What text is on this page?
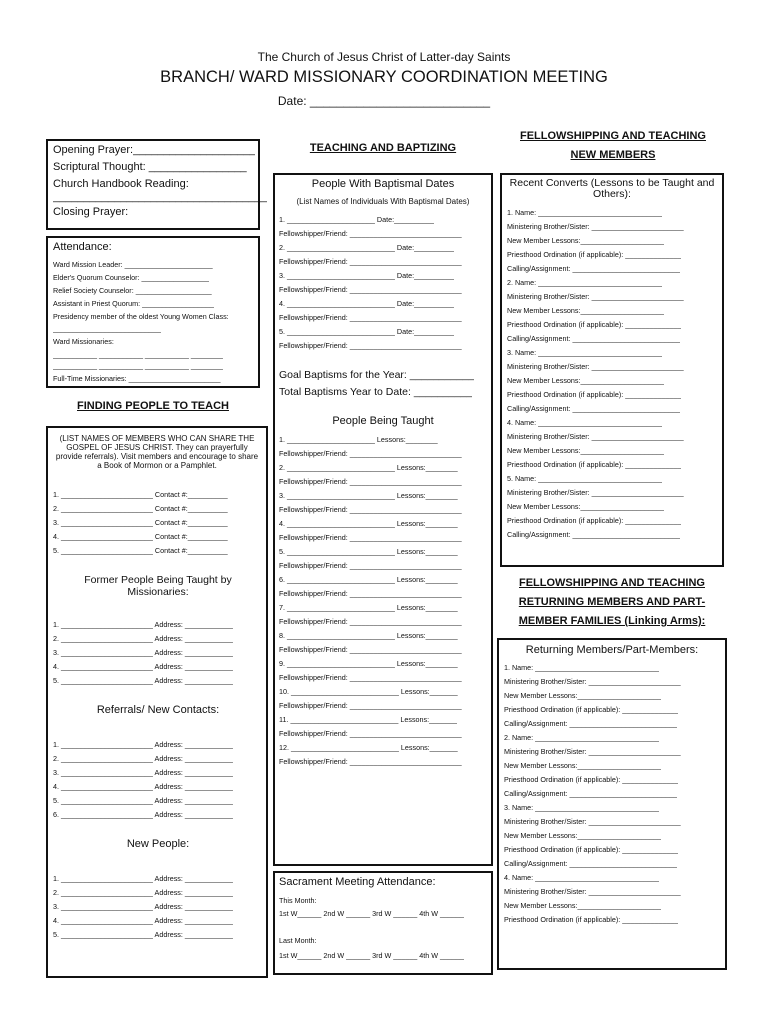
The Church of Jesus Christ of Latter-day Saints
BRANCH/ WARD MISSIONARY COORDINATION MEETING
Date: ___________________________
Opening Prayer:____________________
Scriptural Thought: ________________
Church Handbook Reading:
___________________________________
Closing Prayer:
Attendance:
Ward Mission Leader: ______________________
Elder's Quorum Counselor: _________________
Relief Society Counselor: ___________________
Assistant in Priest Quorum: __________________
Presidency member of the oldest Young Women Class:
___________________________
Ward Missionaries:
___________ ___________ ___________ ________
___________ ___________ ___________ ________
Full-Time Missionaries: _______________________
FINDING PEOPLE TO TEACH
(LIST NAMES OF MEMBERS WHO CAN SHARE THE GOSPEL OF JESUS CHRIST. They can prayerfully provide referrals). Visit members and encourage to share a Book of Mormon or a Pamphlet.
1. _______________________ Contact #:__________
2. _______________________ Contact #:__________
3. _______________________ Contact #:__________
4. _______________________ Contact #:__________
5. _______________________ Contact #:__________
Former People Being Taught by Missionaries:
1. _______________________ Address: ____________
2. _______________________ Address: ____________
3. _______________________ Address: ____________
4. _______________________ Address: ____________
5. _______________________ Address: ____________
Referrals/ New Contacts:
1. _______________________ Address: ____________
2. _______________________ Address: ____________
3. _______________________ Address: ____________
4. _______________________ Address: ____________
5. _______________________ Address: ____________
6. _______________________ Address: ____________
New People:
1. _______________________ Address: ____________
2. _______________________ Address: ____________
3. _______________________ Address: ____________
4. _______________________ Address: ____________
5. _______________________ Address: ____________
TEACHING AND BAPTIZING
People With Baptismal Dates
(List Names of Individuals With Baptismal Dates)
1. ______________________ Date:__________
Fellowshipper/Friend: ____________________________
2. ___________________________ Date:__________
Fellowshipper/Friend: ____________________________
3. ___________________________ Date:__________
Fellowshipper/Friend: ____________________________
4. ___________________________ Date:__________
Fellowshipper/Friend: ____________________________
5. ___________________________ Date:__________
Fellowshipper/Friend: ____________________________
Goal Baptisms for the Year: ___________
Total Baptisms Year to Date: __________
People Being Taught
1. ______________________ Lessons:________
Fellowshipper/Friend: ____________________________
2. ___________________________ Lessons:________
Fellowshipper/Friend: ____________________________
3. ___________________________ Lessons:________
Fellowshipper/Friend: ____________________________
4. ___________________________ Lessons:________
Fellowshipper/Friend: ____________________________
5. ___________________________ Lessons:________
Fellowshipper/Friend: ____________________________
6. ___________________________ Lessons:________
Fellowshipper/Friend: ____________________________
7. ___________________________ Lessons:________
Fellowshipper/Friend: ____________________________
8. ___________________________ Lessons:________
Fellowshipper/Friend: ____________________________
9. ___________________________ Lessons:________
Fellowshipper/Friend: ____________________________
10. ___________________________ Lessons:_______
Fellowshipper/Friend: ____________________________
11. ___________________________ Lessons:_______
Fellowshipper/Friend: ____________________________
12. ___________________________ Lessons:_______
Fellowshipper/Friend: ____________________________
Sacrament Meeting Attendance:
This Month:
1st W______ 2nd W ______ 3rd W ______ 4th W ______
Last Month:
1st W______ 2nd W ______ 3rd W ______ 4th W ______
FELLOWSHIPPING AND TEACHING
NEW MEMBERS
Recent Converts (Lessons to be Taught and Others):
1. Name: _______________________________
Ministering Brother/Sister: _______________________
New Member Lessons:_____________________
Priesthood Ordination (if applicable): ______________
Calling/Assignment: ___________________________
2. Name: _______________________________
Ministering Brother/Sister: _______________________
New Member Lessons:_____________________
Priesthood Ordination (if applicable): ______________
Calling/Assignment: ___________________________
3. Name: _______________________________
Ministering Brother/Sister: _______________________
New Member Lessons:_____________________
Priesthood Ordination (if applicable): ______________
Calling/Assignment: ___________________________
4. Name: _______________________________
Ministering Brother/Sister: _______________________
New Member Lessons:_____________________
Priesthood Ordination (if applicable): ______________
5. Name: _______________________________
Ministering Brother/Sister: _______________________
New Member Lessons:_____________________
Priesthood Ordination (if applicable): ______________
Calling/Assignment: ___________________________
FELLOWSHIPPING AND TEACHING
RETURNING MEMBERS AND PART-
MEMBER FAMILIES (Linking Arms):
Returning Members/Part-Members:
1. Name: _______________________________
Ministering Brother/Sister: _______________________
New Member Lessons:_____________________
Priesthood Ordination (if applicable): ______________
Calling/Assignment: ___________________________
2. Name: _______________________________
Ministering Brother/Sister: _______________________
New Member Lessons:_____________________
Priesthood Ordination (if applicable): ______________
Calling/Assignment: ___________________________
3. Name: _______________________________
Ministering Brother/Sister: _______________________
New Member Lessons:_____________________
Priesthood Ordination (if applicable): ______________
Calling/Assignment: ___________________________
4. Name: _______________________________
Ministering Brother/Sister: _______________________
New Member Lessons:_____________________
Priesthood Ordination (if applicable): ______________
